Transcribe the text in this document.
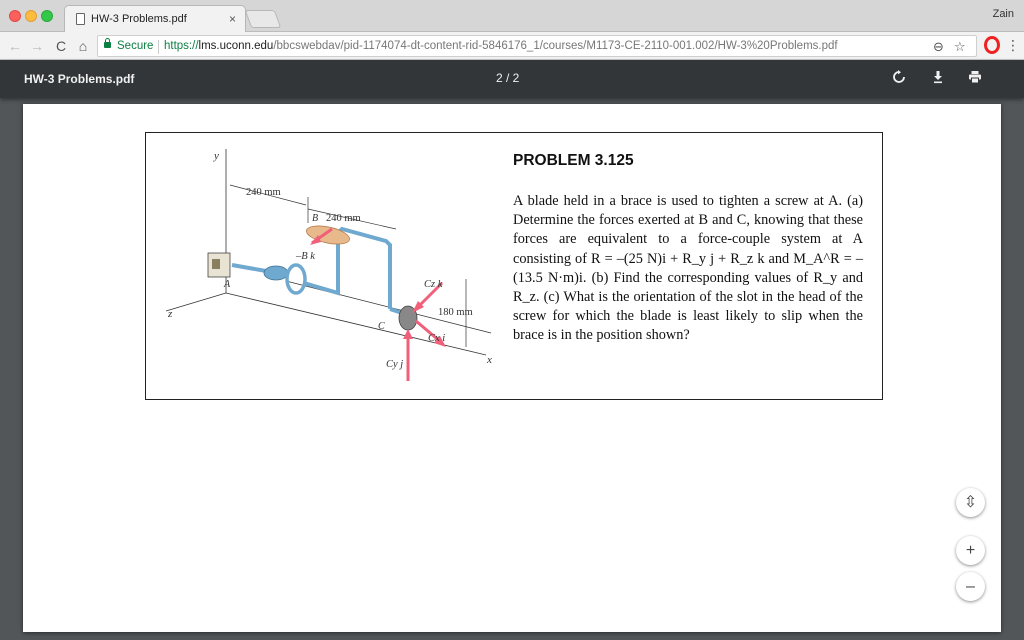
HW-3 Problems.pdf	×	Zain
← → C ⌂	Secure https://lms.uconn.edu/bbcswebdav/pid-1174074-dt-content-rid-5846176_1/courses/M1173-CE-2110-001.002/HW-3%20Problems.pdf	⊖ ☆	⋮
HW-3 Problems.pdf	2 / 2
y
x
z
240 mm
B 240 mm
180 mm
A
C
–B k
Cz k
Cx i
Cy j
PROBLEM 3.125
A blade held in a brace is used to tighten a screw at A. (a) Determine the forces exerted at B and C, knowing that these forces are equivalent to a force-couple system at A consisting of R = –(25 N)i + R_y j + R_z k and M_A^R = – (13.5 N·m)i. (b) Find the corresponding values of R_y and R_z. (c) What is the orientation of the slot in the head of the screw for which the blade is least likely to slip when the brace is in the position shown?
⇳
+
–
